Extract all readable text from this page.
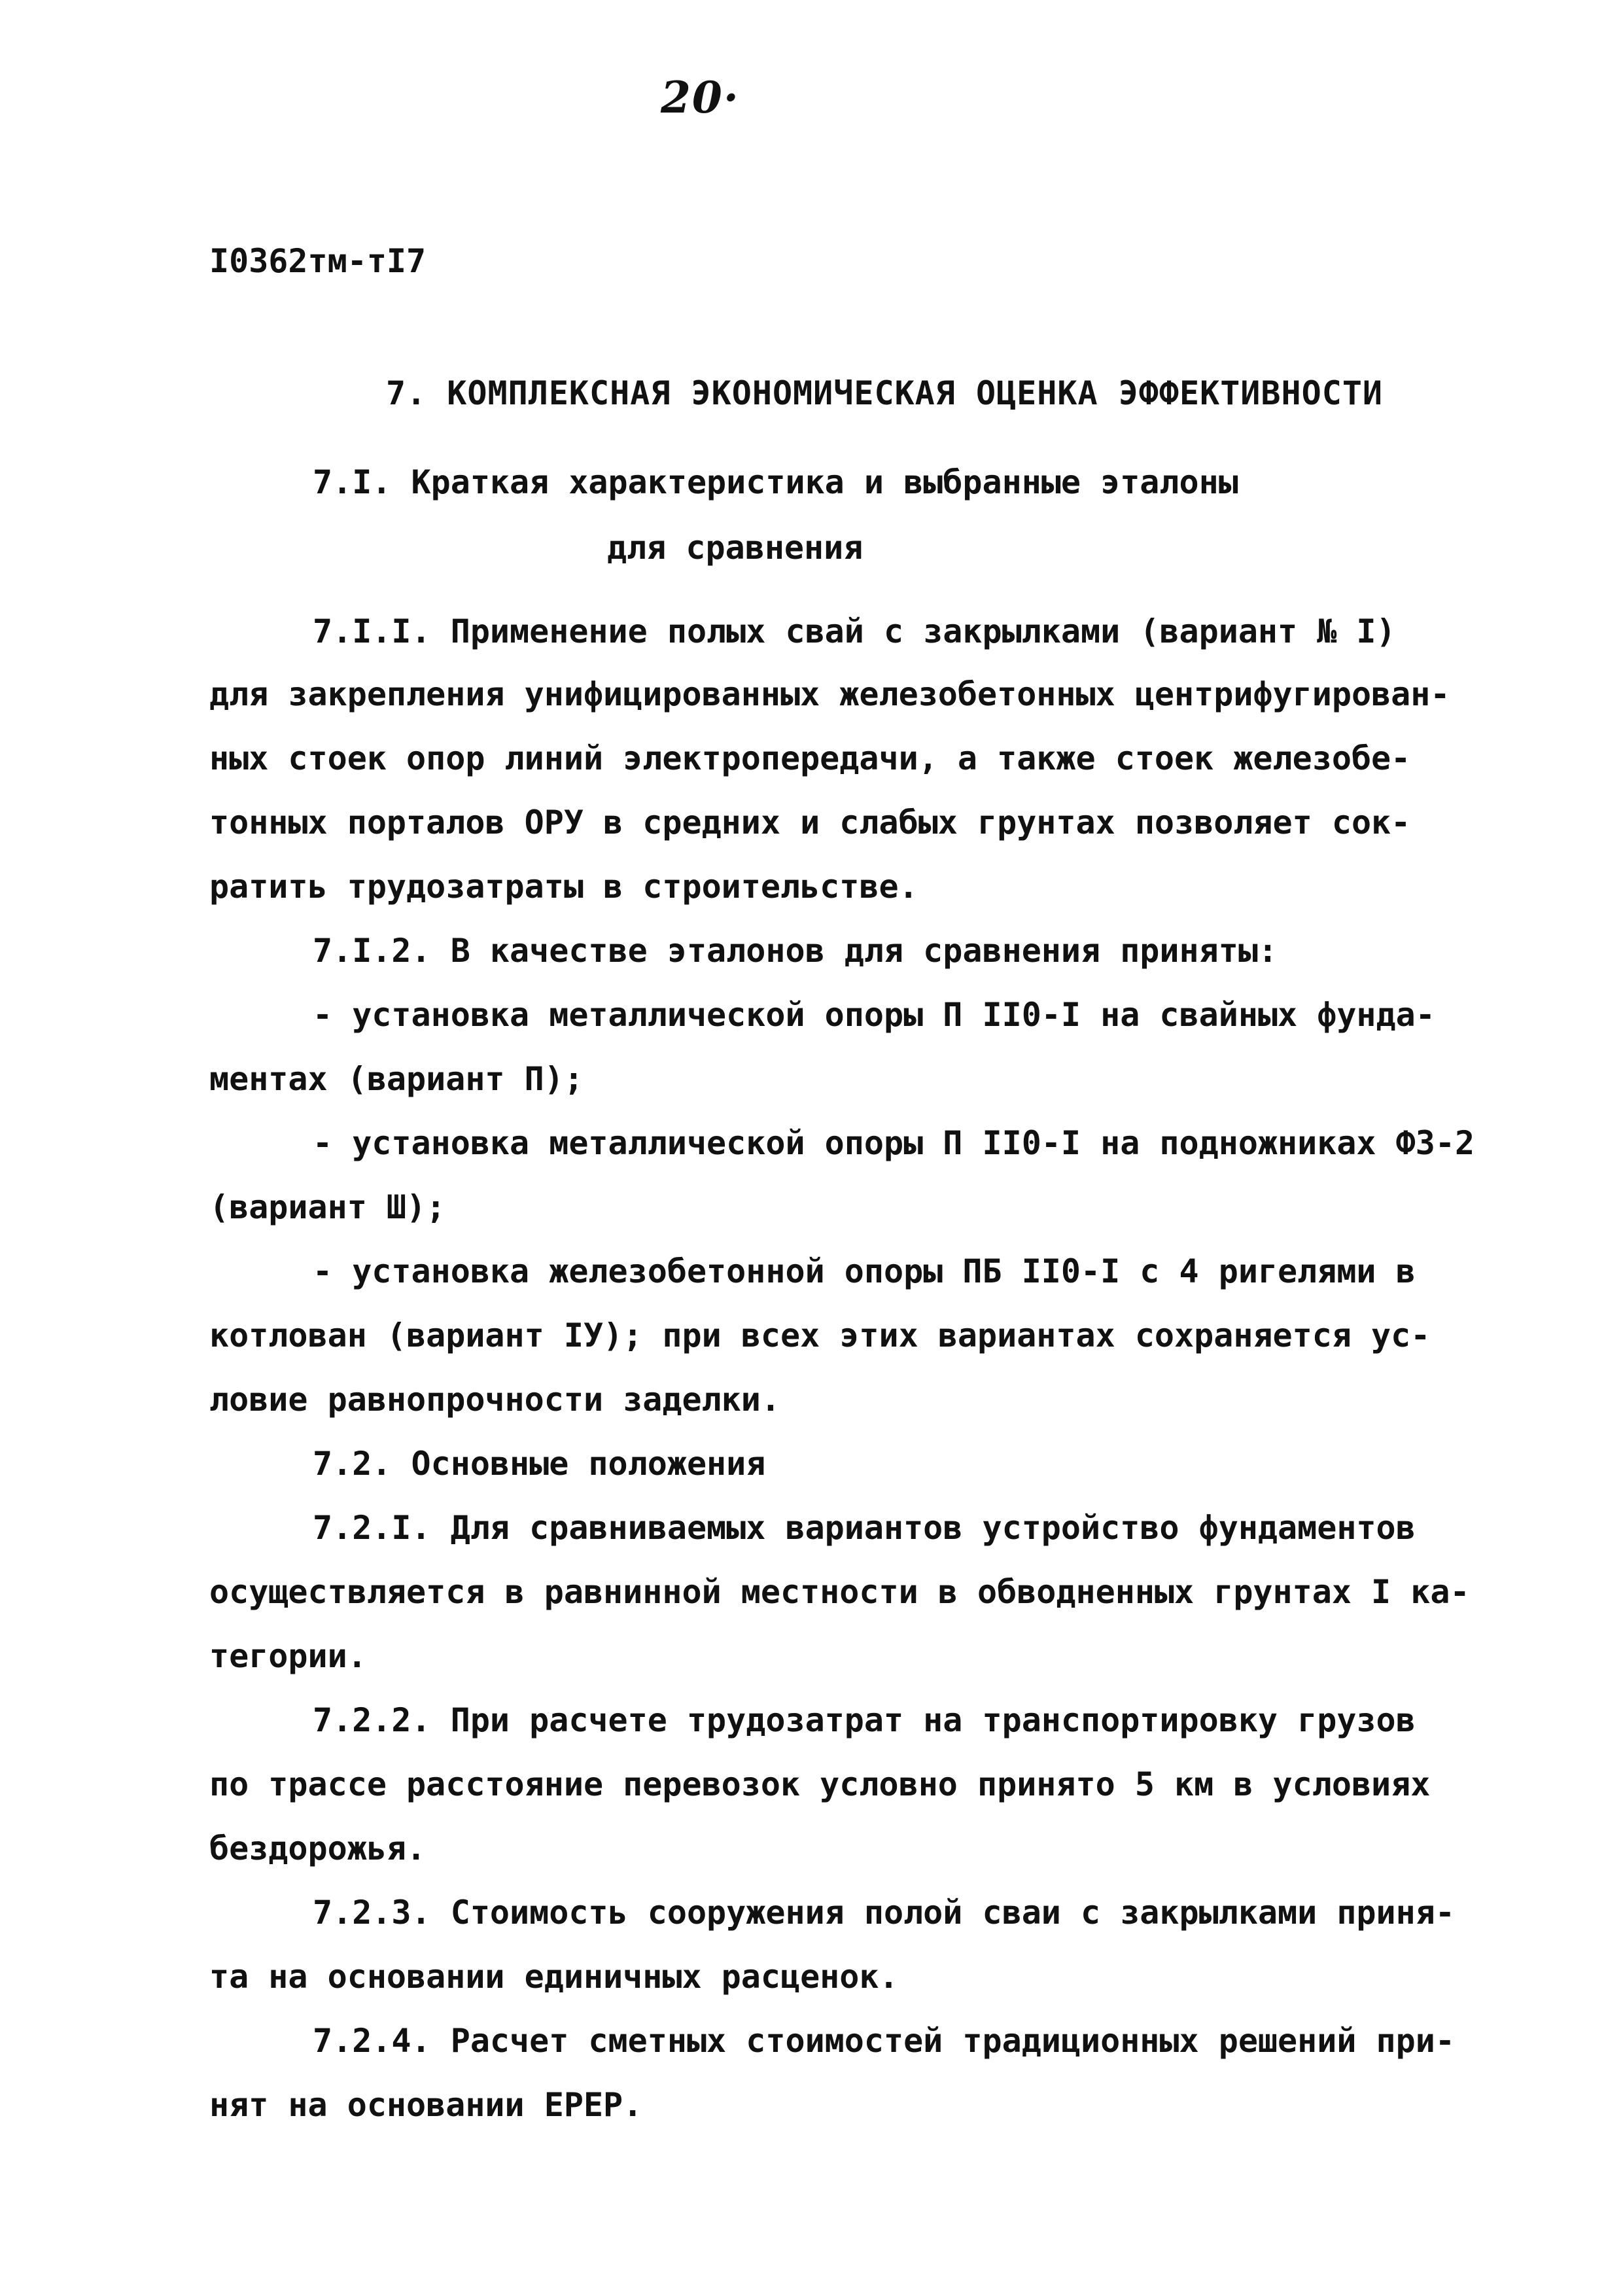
20·
I0362тм-тI7
7. КОМПЛЕКСНАЯ ЭКОНОМИЧЕСКАЯ ОЦЕНКА ЭФФЕКТИВНОСТИ
7.I. Краткая характеристика и выбранные эталоны
для сравнения
7.I.I. Применение полых свай с закрылками (вариант № I)
для закрепления унифицированных железобетонных центрифугирован-
ных стоек опор линий электропередачи, а также стоек железобе-
тонных порталов ОРУ в средних и слабых грунтах позволяет сок-
ратить трудозатраты в строительстве.
7.I.2. В качестве эталонов для сравнения приняты:
- установка металлической опоры П II0-I на свайных фунда-
ментах (вариант П);
- установка металлической опоры П II0-I на подножниках Ф3-2
(вариант Ш);
- установка железобетонной опоры ПБ II0-I с 4 ригелями в
котлован (вариант IУ); при всех этих вариантах сохраняется ус-
ловие равнопрочности заделки.
7.2. Основные положения
7.2.I. Для сравниваемых вариантов устройство фундаментов
осуществляется в равнинной местности в обводненных грунтах I ка-
тегории.
7.2.2. При расчете трудозатрат на транспортировку грузов
по трассе расстояние перевозок условно принято 5 км в условиях
бездорожья.
7.2.3. Стоимость сооружения полой сваи с закрылками приня-
та на основании единичных расценок.
7.2.4. Расчет сметных стоимостей традиционных решений при-
нят на основании ЕРЕР.
